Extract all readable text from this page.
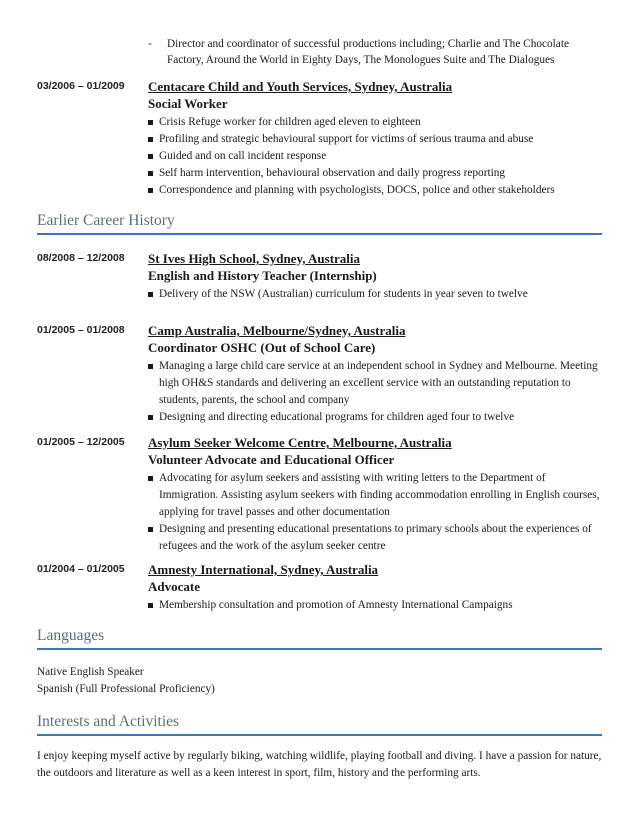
- Director and coordinator of successful productions including; Charlie and The Chocolate Factory, Around the World in Eighty Days, The Monologues Suite and The Dialogues
03/2006 – 01/2009	Centacare Child and Youth Services, Sydney, Australia
Social Worker
Crisis Refuge worker for children aged eleven to eighteen
Profiling and strategic behavioural support for victims of serious trauma and abuse
Guided and on call incident response
Self harm intervention, behavioural observation and daily progress reporting
Correspondence and planning with psychologists, DOCS, police and other stakeholders
Earlier Career History
08/2008 – 12/2008	St Ives High School, Sydney, Australia
English and History Teacher (Internship)
Delivery of the NSW (Australian) curriculum for students in year seven to twelve
01/2005 – 01/2008	Camp Australia, Melbourne/Sydney, Australia
Coordinator OSHC (Out of School Care)
Managing a large child care service at an independent school in Sydney and Melbourne. Meeting high OH&S standards and delivering an excellent service with an outstanding reputation to students, parents, the school and company
Designing and directing educational programs for children aged four to twelve
01/2005 – 12/2005	Asylum Seeker Welcome Centre, Melbourne, Australia
Volunteer Advocate and Educational Officer
Advocating for asylum seekers and assisting with writing letters to the Department of Immigration. Assisting asylum seekers with finding accommodation enrolling in English courses, applying for travel passes and other documentation
Designing and presenting educational presentations to primary schools about the experiences of refugees and the work of the asylum seeker centre
01/2004 – 01/2005	Amnesty International, Sydney, Australia
Advocate
Membership consultation and promotion of Amnesty International Campaigns
Languages
Native English Speaker
Spanish (Full Professional Proficiency)
Interests and Activities
I enjoy keeping myself active by regularly biking, watching wildlife, playing football and diving. I have a passion for nature, the outdoors and literature as well as a keen interest in sport, film, history and the performing arts.
